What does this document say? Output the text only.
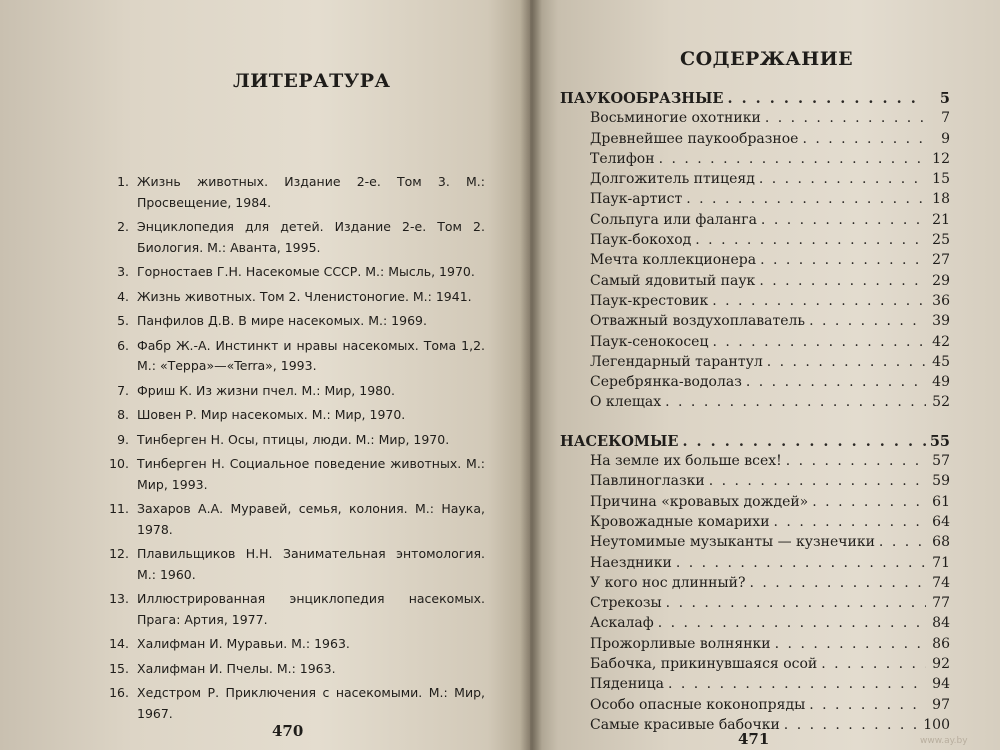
ЛИТЕРАТУРА
1. Жизнь животных. Издание 2-е. Том 3. М.: Просвещение, 1984.
2. Энциклопедия для детей. Издание 2-е. Том 2. Биология. М.: Аванта, 1995.
3. Горностаев Г.Н. Насекомые СССР. М.: Мысль, 1970.
4. Жизнь животных. Том 2. Членистоногие. М.: 1941.
5. Панфилов Д.В. В мире насекомых. М.: 1969.
6. Фабр Ж.-А. Инстинкт и нравы насекомых. Тома 1,2. М.: «Терра»—«Terra», 1993.
7. Фриш К. Из жизни пчел. М.: Мир, 1980.
8. Шовен Р. Мир насекомых. М.: Мир, 1970.
9. Тинберген Н. Осы, птицы, люди. М.: Мир, 1970.
10. Тинберген Н. Социальное поведение животных. М.: Мир, 1993.
11. Захаров А.А. Муравей, семья, колония. М.: Наука, 1978.
12. Плавильщиков Н.Н. Занимательная энтомология. М.: 1960.
13. Иллюстрированная энциклопедия насекомых. Прага: Артия, 1977.
14. Халифман И. Муравьи. М.: 1963.
15. Халифман И. Пчелы. М.: 1963.
16. Хедстром Р. Приключения с насекомыми. М.: Мир, 1967.
470
СОДЕРЖАНИЕ
ПАУКООБРАЗНЫЕ . . .	5
Восьминогие охотники . . .	7
Древнейшее паукообразное . . .	9
Телифон . . .	12
Долгожитель птицеяд . . .	15
Паук-артист . . .	18
Сольпуга или фаланга . . .	21
Паук-бокоход . . .	25
Мечта коллекционера . . .	27
Самый ядовитый паук . . .	29
Паук-крестовик . . .	36
Отважный воздухоплаватель . . .	39
Паук-сенокосец . . .	42
Легендарный тарантул . . .	45
Серебрянка-водолаз . . .	49
О клещах . . .	52
НАСЕКОМЫЕ . . .	55
На земле их больше всех! . . .	57
Павлиноглазки . . .	59
Причина «кровавых дождей» . . .	61
Кровожадные комарихи . . .	64
Неутомимые музыканты — кузнечики . . .	68
Наездники . . .	71
У кого нос длинный? . . .	74
Стрекозы . . .	77
Аскалаф . . .	84
Прожорливые волнянки . . .	86
Бабочка, прикинувшаяся осой . . .	92
Пяденица . . .	94
Особо опасные коконопряды . . .	97
Самые красивые бабочки . . .	100
471	www.ay.by
